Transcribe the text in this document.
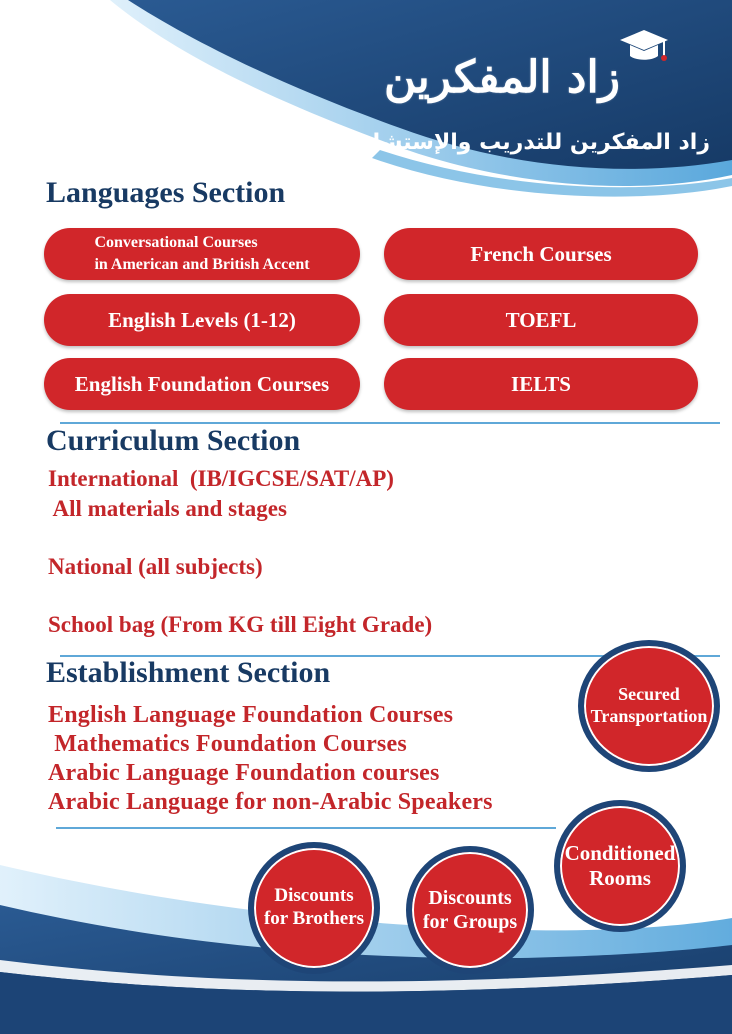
زاد المفكرين
زاد المفكرين للتدريب والإستشارات
Languages Section
Conversational Courses
in American and British Accent
English Levels (1-12)
English Foundation Courses
French Courses
TOEFL
IELTS
Curriculum Section
International  (IB/IGCSE/SAT/AP)
All materials and stages
National (all subjects)
School bag (From KG till Eight Grade)
Establishment Section
English Language Foundation Courses
Mathematics Foundation Courses
Arabic Language Foundation courses
Arabic Language for non-Arabic Speakers
Secured
Transportation
Conditioned
Rooms
Discounts
for Brothers
Discounts
for Groups
